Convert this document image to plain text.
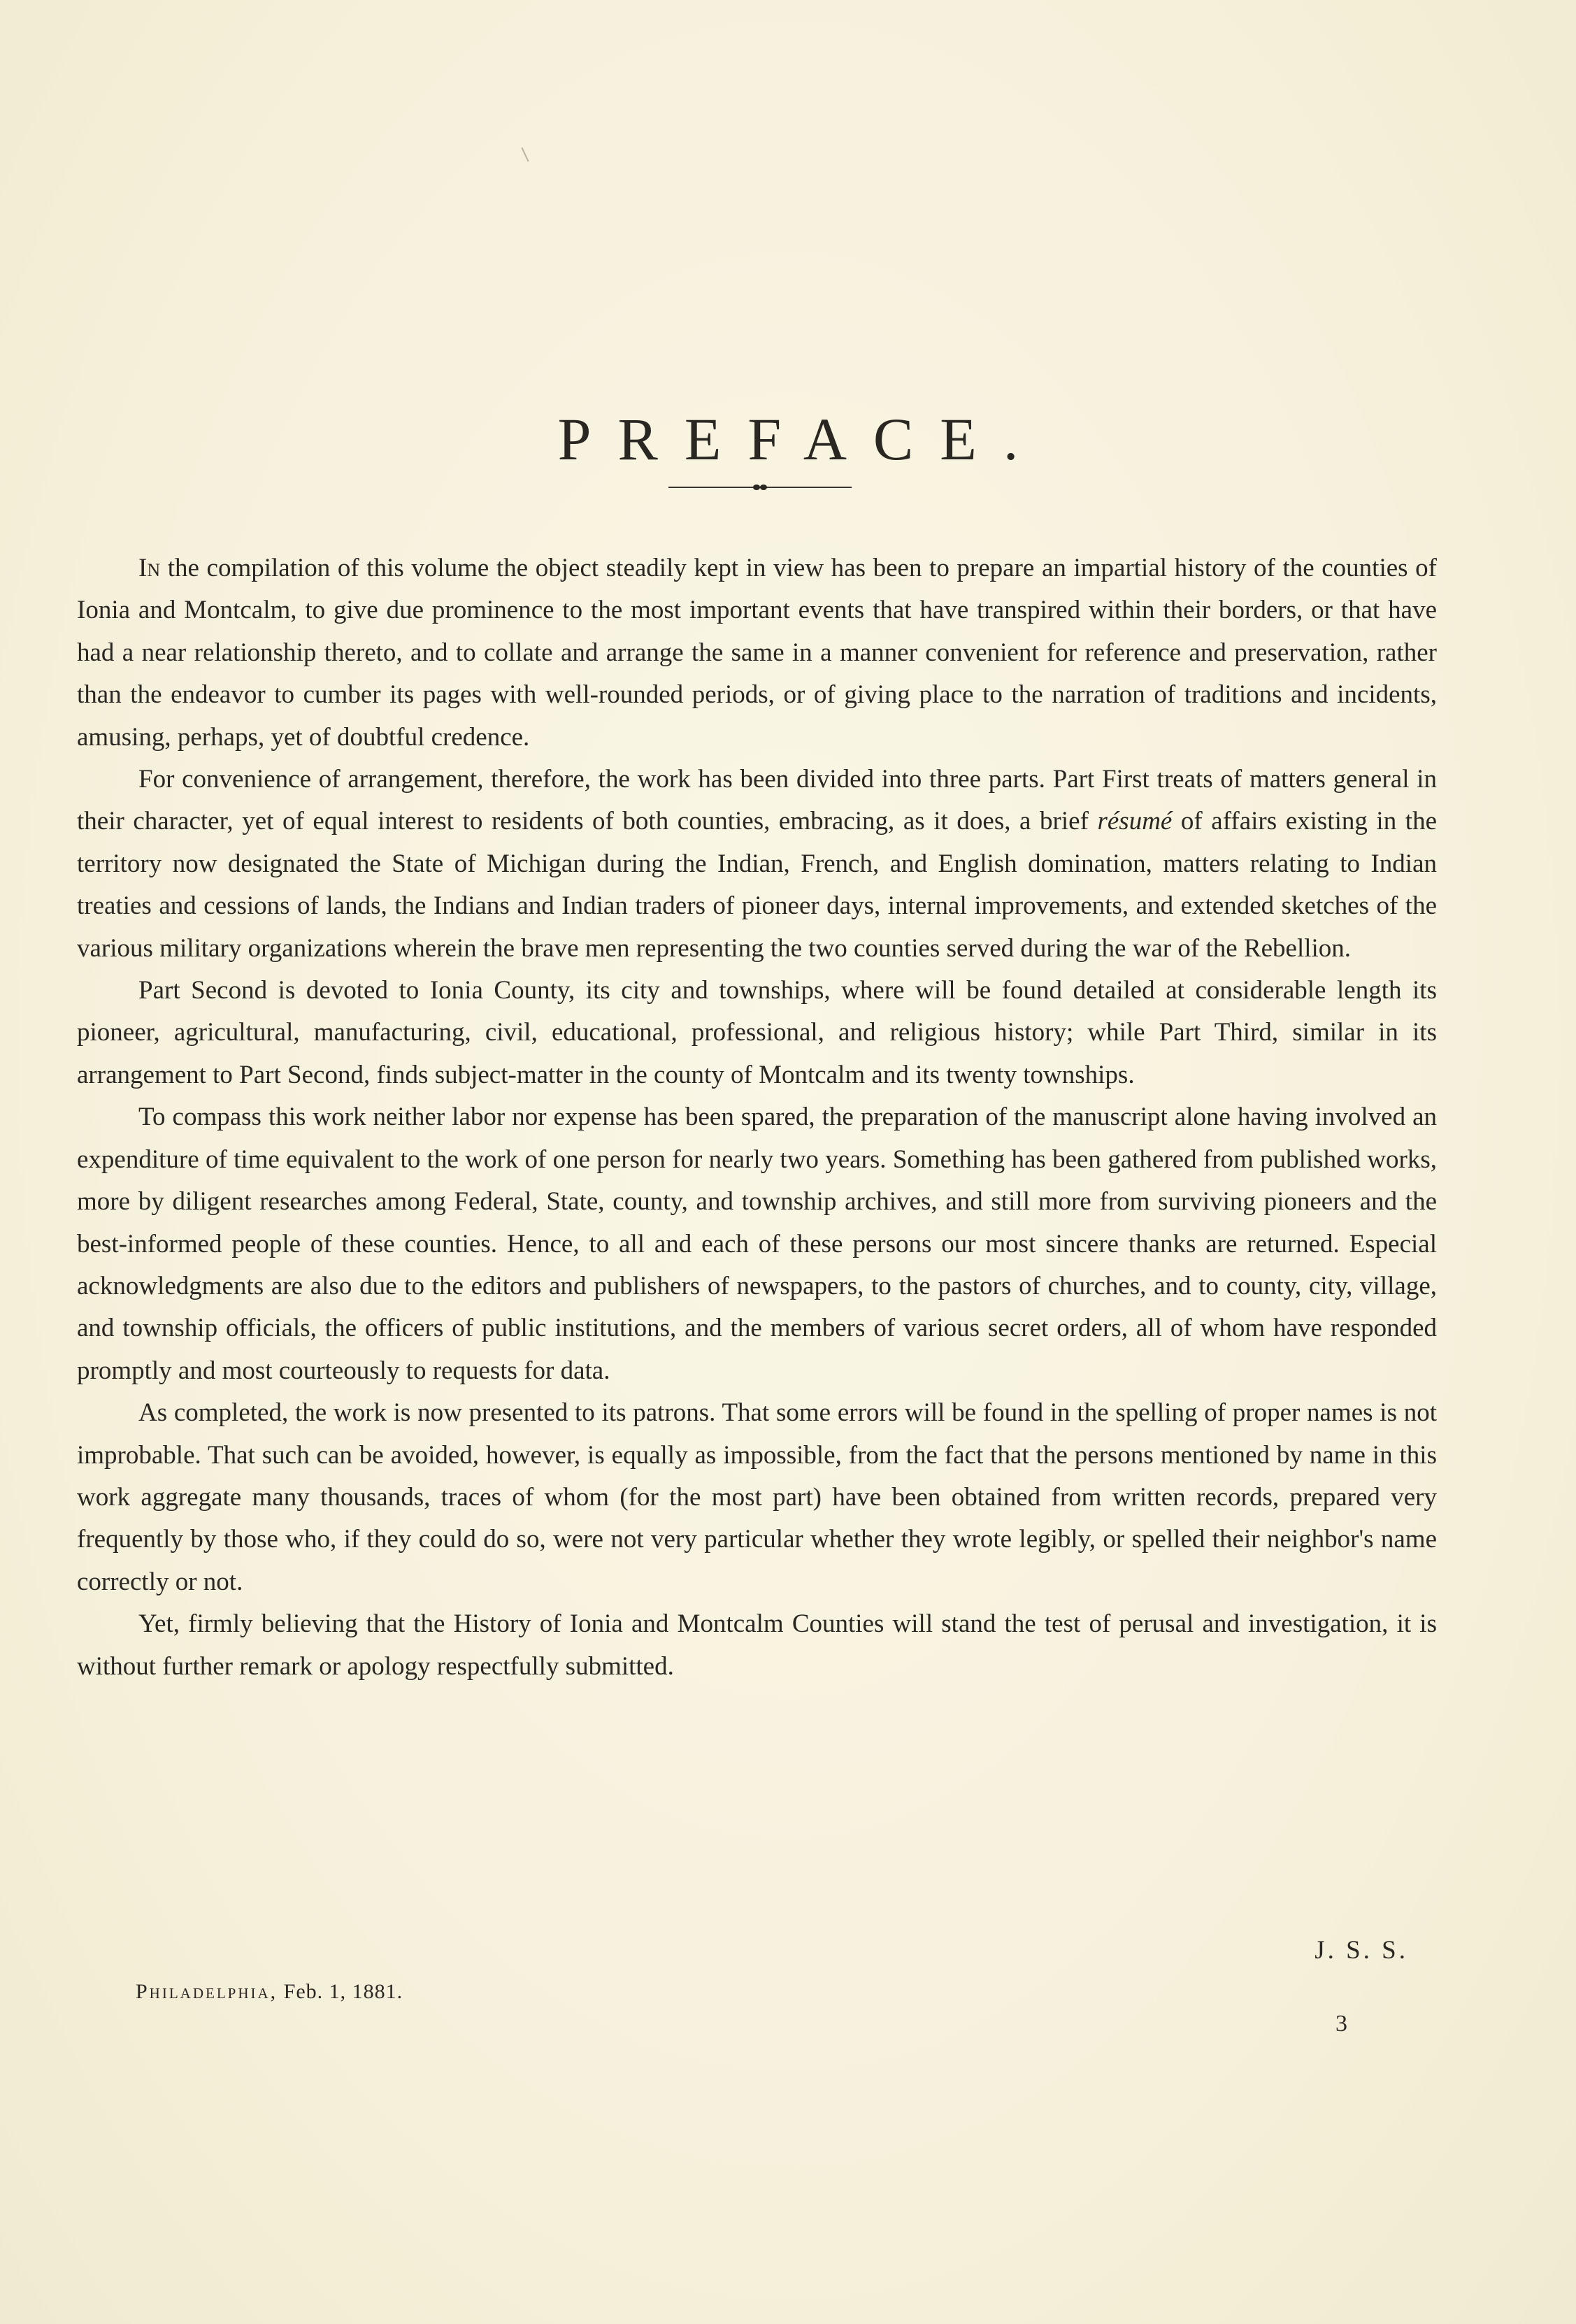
PREFACE.

In the compilation of this volume the object steadily kept in view has been to prepare an impartial history of the counties of Ionia and Montcalm, to give due prominence to the most important events that have transpired within their borders, or that have had a near relationship thereto, and to collate and arrange the same in a manner convenient for reference and preservation, rather than the endeavor to cumber its pages with well-rounded periods, or of giving place to the narration of traditions and incidents, amusing, perhaps, yet of doubtful credence.

For convenience of arrangement, therefore, the work has been divided into three parts. Part First treats of matters general in their character, yet of equal interest to residents of both counties, embracing, as it does, a brief résumé of affairs existing in the territory now designated the State of Michigan during the Indian, French, and English domination, matters relating to Indian treaties and cessions of lands, the Indians and Indian traders of pioneer days, internal improvements, and extended sketches of the various military organizations wherein the brave men representing the two counties served during the war of the Rebellion.

Part Second is devoted to Ionia County, its city and townships, where will be found detailed at considerable length its pioneer, agricultural, manufacturing, civil, educational, professional, and religious history; while Part Third, similar in its arrangement to Part Second, finds subject-matter in the county of Montcalm and its twenty townships.

To compass this work neither labor nor expense has been spared, the preparation of the manuscript alone having involved an expenditure of time equivalent to the work of one person for nearly two years. Something has been gathered from published works, more by diligent researches among Federal, State, county, and township archives, and still more from surviving pioneers and the best-informed people of these counties. Hence, to all and each of these persons our most sincere thanks are returned. Especial acknowledgments are also due to the editors and publishers of newspapers, to the pastors of churches, and to county, city, village, and township officials, the officers of public institutions, and the members of various secret orders, all of whom have responded promptly and most courteously to requests for data.

As completed, the work is now presented to its patrons. That some errors will be found in the spelling of proper names is not improbable. That such can be avoided, however, is equally as impossible, from the fact that the persons mentioned by name in this work aggregate many thousands, traces of whom (for the most part) have been obtained from written records, prepared very frequently by those who, if they could do so, were not very particular whether they wrote legibly, or spelled their neighbor's name correctly or not.

Yet, firmly believing that the History of Ionia and Montcalm Counties will stand the test of perusal and investigation, it is without further remark or apology respectfully submitted.

J. S. S.
Philadelphia, Feb. 1, 1881.
3
